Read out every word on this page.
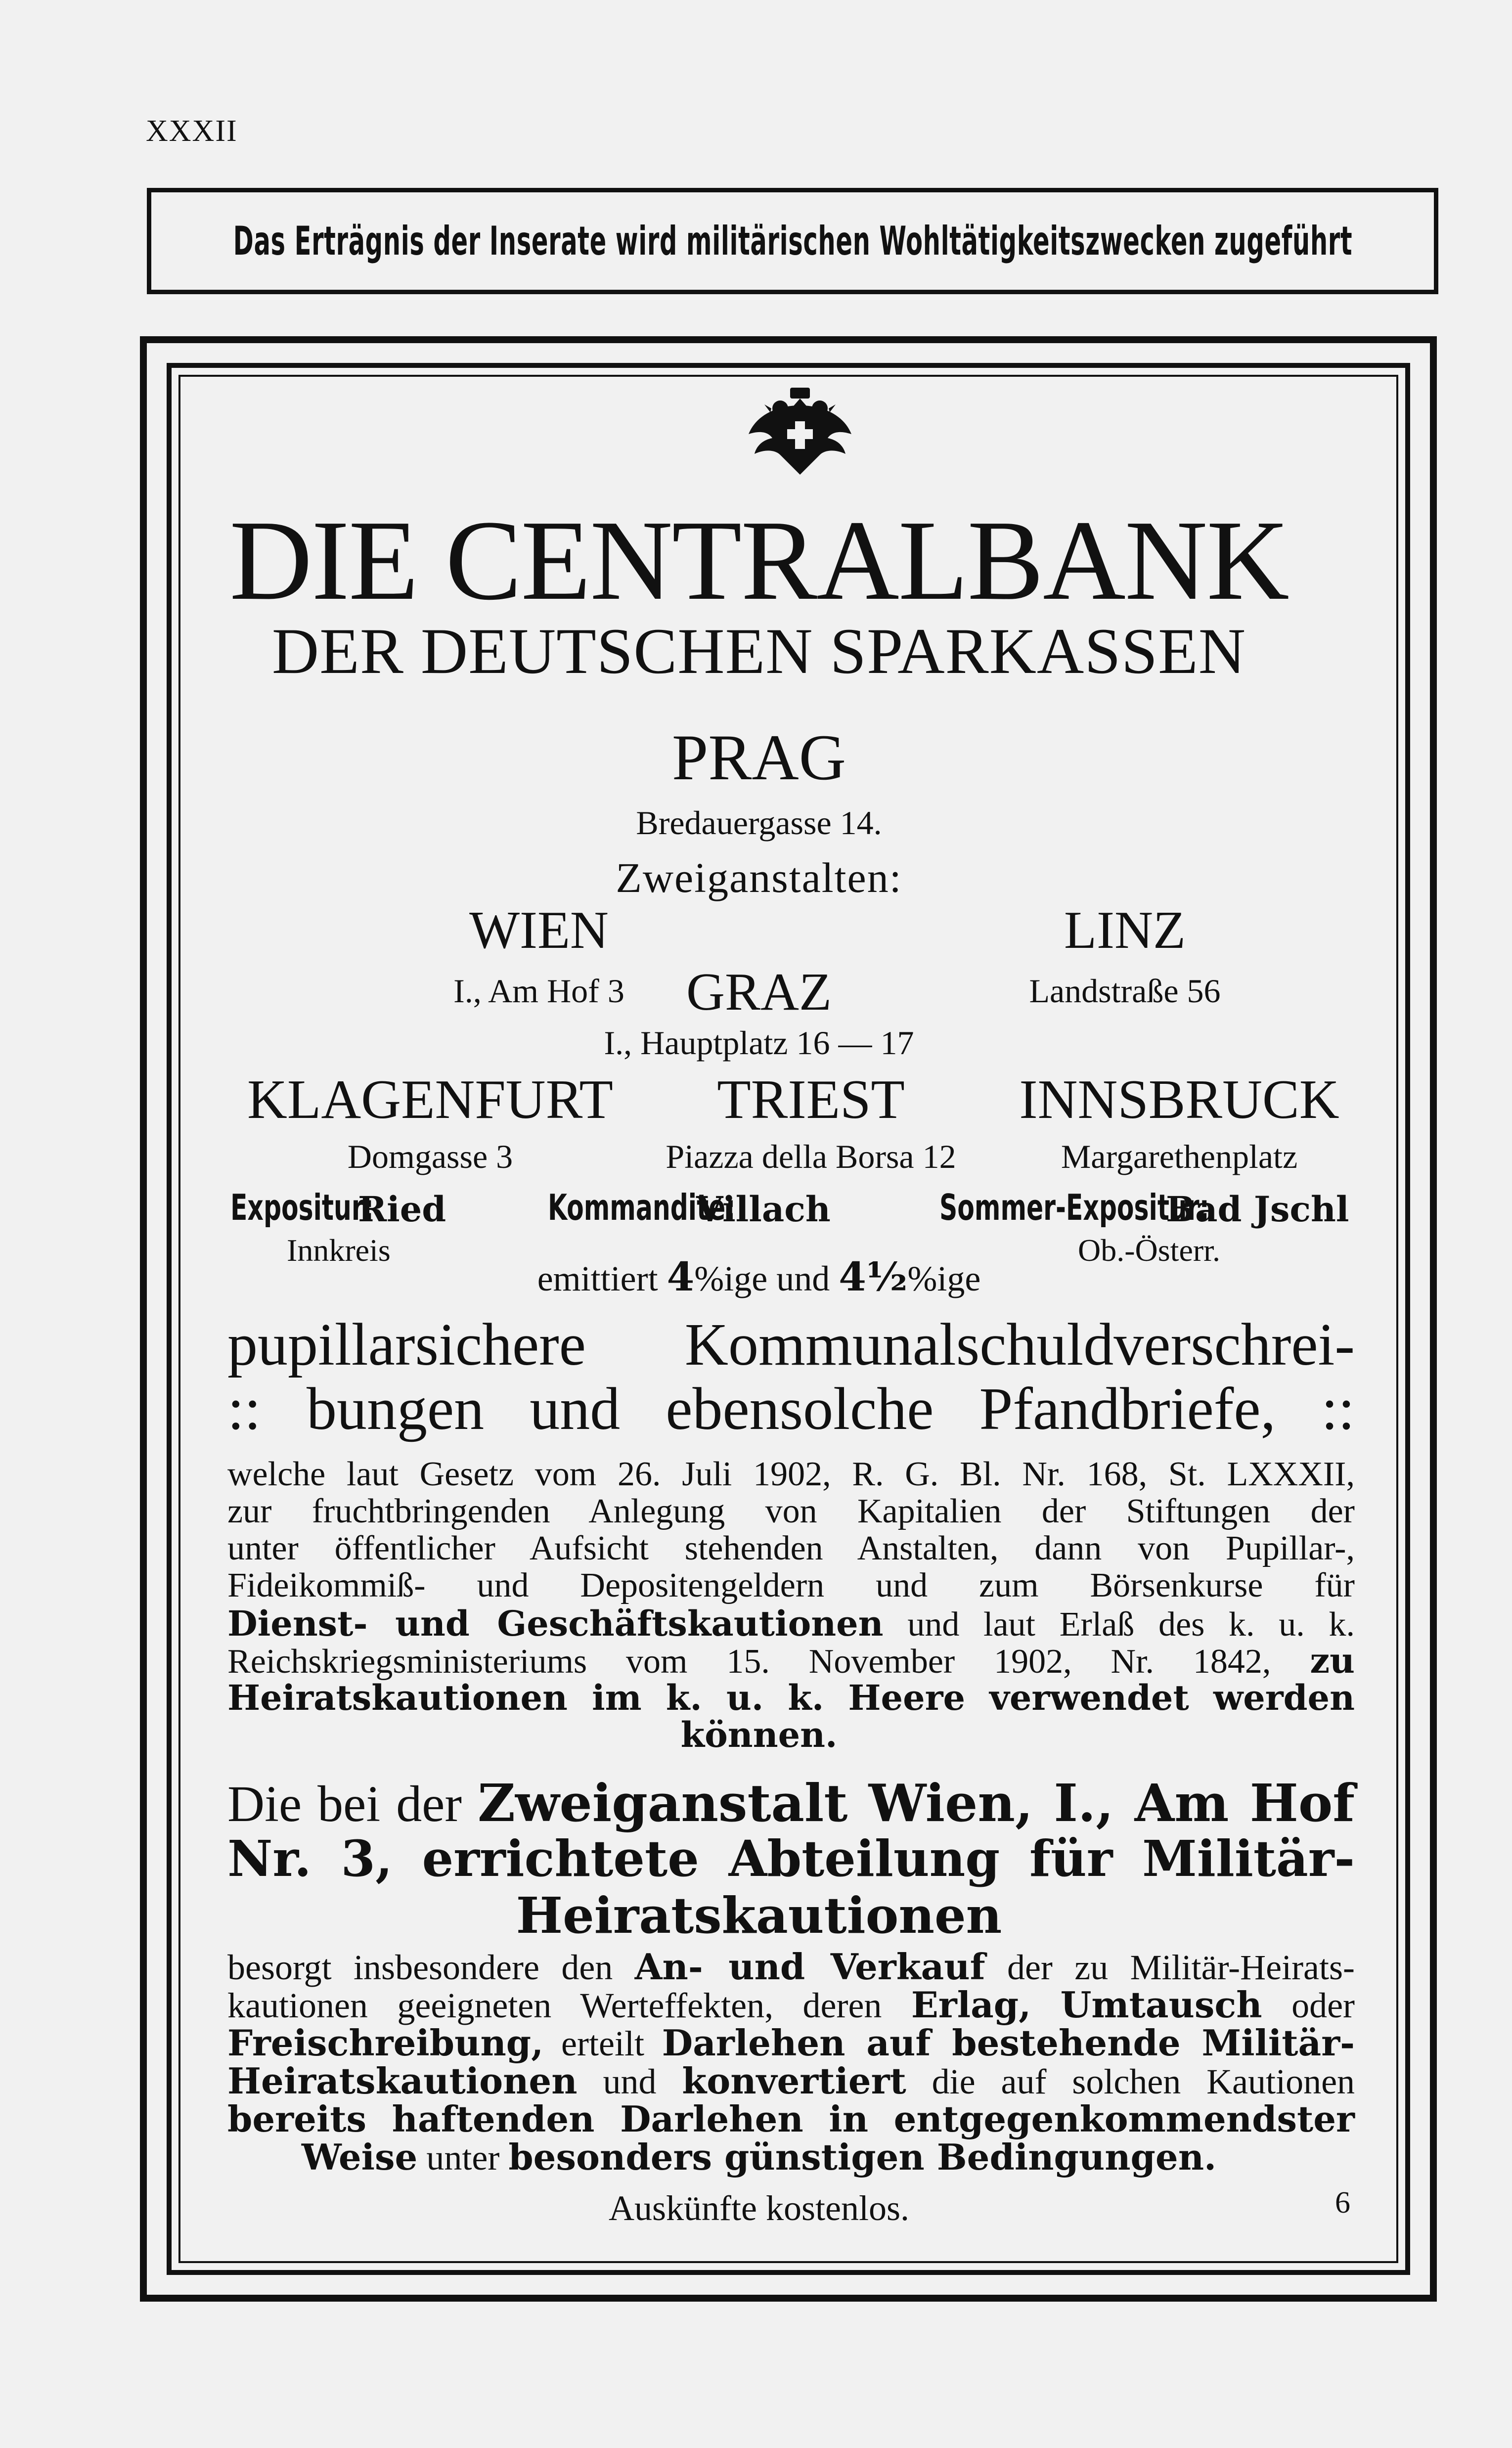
XXXII
Das Erträgnis der Inserate wird militärischen Wohltätigkeitszwecken zugeführt
DIE CENTRALBANK
DER DEUTSCHEN SPARKASSEN
PRAG
Bredauergasse 14.
Zweiganstalten:
WIEN
I., Am Hof 3
LINZ
Landstraße 56
GRAZ
I., Hauptplatz 16 — 17
KLAGENFURT
Domgasse 3
TRIEST
Piazza della Borsa 12
INNSBRUCK
Margarethenplatz
Expositur:
Ried
Innkreis
Kommandite:
Villach	Sommer-Expositur:
Bad Jschl
Ob.-Österr.
emittiert 4%ige und 4½%ige
pupillarsichere Kommunalschuldverschrei-
:: bungen und ebensolche Pfandbriefe, ::
welche laut Gesetz vom 26. Juli 1902, R. G. Bl. Nr. 168, St. LXXXII,
zur fruchtbringenden Anlegung von Kapitalien der Stiftungen der
unter öffentlicher Aufsicht stehenden Anstalten, dann von Pupillar-,
Fideikommiß- und Depositengeldern und zum Börsenkurse für
Dienst- und Geschäftskautionen und laut Erlaß des k. u. k.
Reichskriegsministeriums vom 15. November 1902, Nr. 1842, zu
Heiratskautionen im k. u. k. Heere verwendet werden
können.
Die bei der Zweiganstalt Wien, I., Am Hof
Nr. 3, errichtete Abteilung für Militär-
Heiratskautionen
besorgt insbesondere den An- und Verkauf der zu Militär-Heirats-
kautionen geeigneten Werteffekten, deren Erlag, Umtausch oder
Freischreibung, erteilt Darlehen auf bestehende Militär-
Heiratskautionen und konvertiert die auf solchen Kautionen
bereits haftenden Darlehen in entgegenkommendster
Weise unter besonders günstigen Bedingungen.
Auskünfte kostenlos.	6
